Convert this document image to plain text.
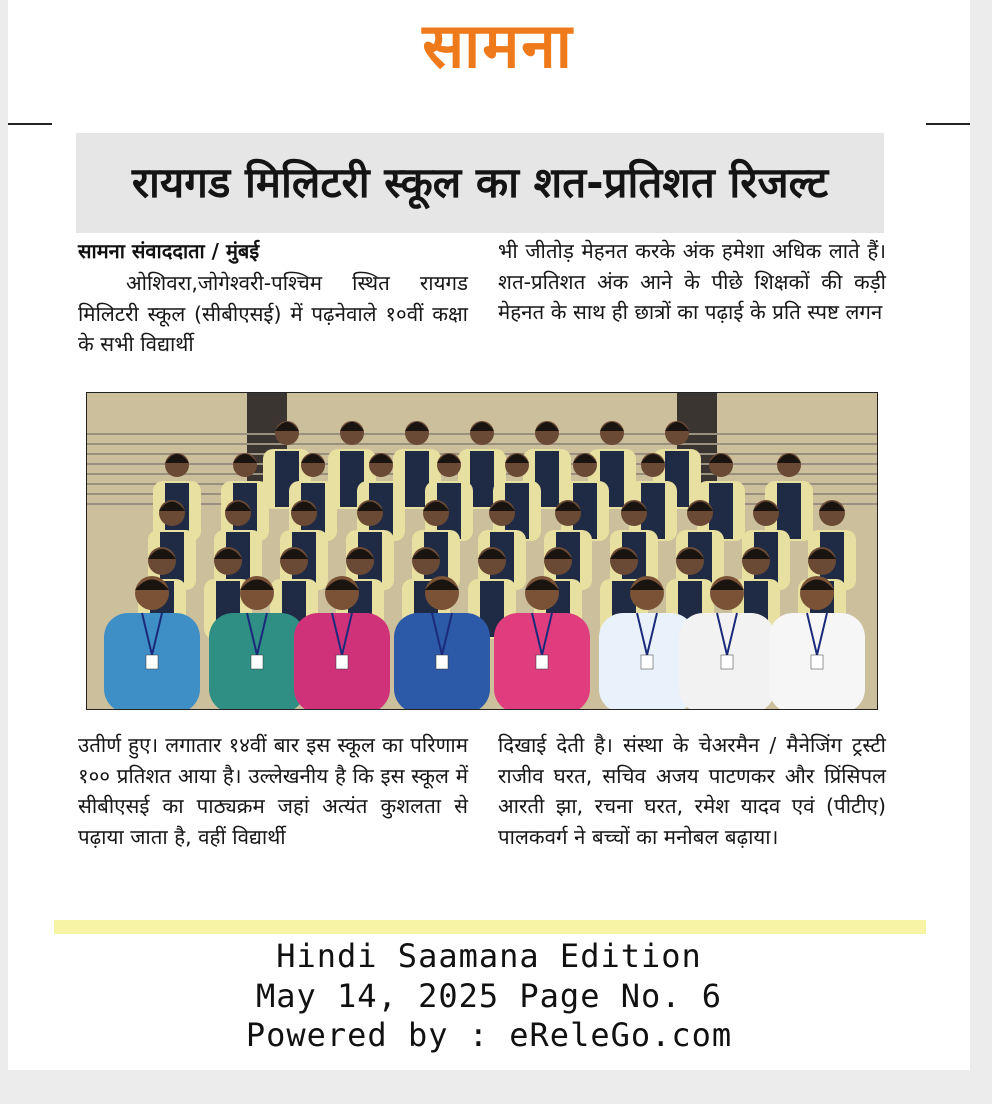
सामना
रायगड मिलिटरी स्कूल का शत-प्रतिशत रिजल्ट
सामना संवाददाता / मुंबई
ओशिवरा,जोगेश्वरी-पश्चिम स्थित रायगड मिलिटरी स्कूल (सीबीएसई) में पढ़नेवाले १०वीं कक्षा के सभी विद्यार्थी
भी जीतोड़ मेहनत करके अंक हमेशा अधिक लाते हैं। शत-प्रतिशत अंक आने के पीछे शिक्षकों की कड़ी मेहनत के साथ ही छात्रों का पढ़ाई के प्रति स्पष्ट लगन
उतीर्ण हुए। लगातार १४वीं बार इस स्कूल का परिणाम १०० प्रतिशत आया है। उल्लेखनीय है कि इस स्कूल में सीबीएसई का पाठ्यक्रम जहां अत्यंत कुशलता से पढ़ाया जाता है, वहीं विद्यार्थी
दिखाई देती है। संस्था के चेअरमैन / मैनेजिंग ट्रस्टी राजीव घरत, सचिव अजय पाटणकर और प्रिंसिपल आरती झा, रचना घरत, रमेश यादव एवं (पीटीए) पालकवर्ग ने बच्चों का मनोबल बढ़ाया।
Hindi Saamana Edition
May 14, 2025 Page No. 6
Powered by : eReleGo.com
